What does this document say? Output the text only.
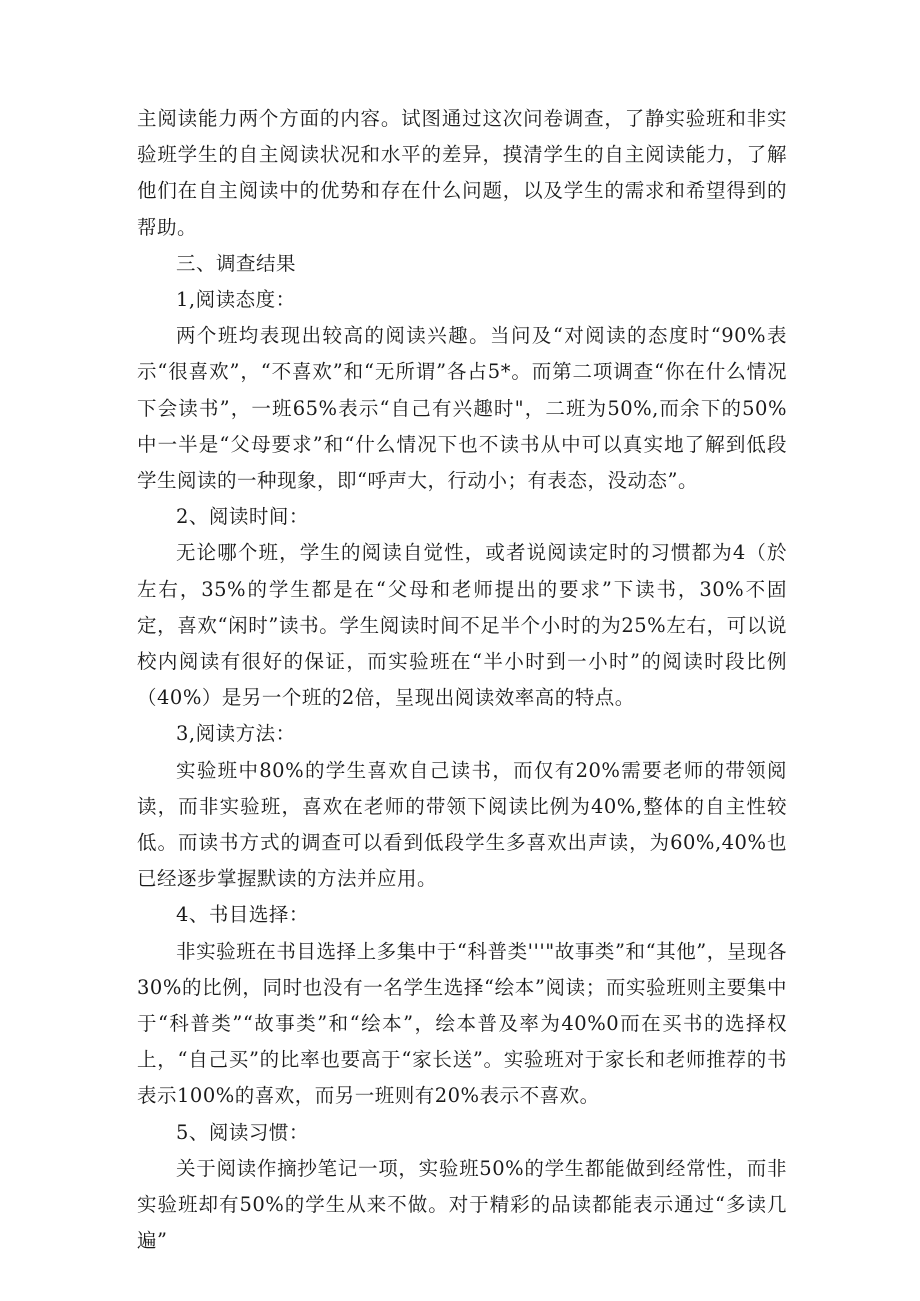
主阅读能力两个方面的内容。试图通过这次问卷调查，了静实验班和非实验班学生的自主阅读状况和水平的差异，摸清学生的自主阅读能力，了解他们在自主阅读中的优势和存在什么问题，以及学生的需求和希望得到的帮助。

三、调查结果

1,阅读态度：

两个班均表现出较高的阅读兴趣。当问及“对阅读的态度时“90%表示“很喜欢”，“不喜欢”和“无所谓”各占5*。而第二项调查“你在什么情况下会读书”，一班65%表示“自己有兴趣时"，二班为50%,而余下的50%中一半是“父母要求”和“什么情况下也不读书从中可以真实地了解到低段学生阅读的一种现象，即“呼声大，行动小；有表态，没动态”。

2、阅读时间：

无论哪个班，学生的阅读自觉性，或者说阅读定时的习惯都为4（於左右，35%的学生都是在“父母和老师提出的要求”下读书，30%不固定，喜欢“闲时”读书。学生阅读时间不足半个小时的为25%左右，可以说校内阅读有很好的保证，而实验班在“半小时到一小时”的阅读时段比例（40%）是另一个班的2倍，呈现出阅读效率高的特点。

3,阅读方法：

实验班中80%的学生喜欢自己读书，而仅有20%需要老师的带领阅读，而非实验班，喜欢在老师的带领下阅读比例为40%,整体的自主性较低。而读书方式的调查可以看到低段学生多喜欢出声读，为60%,40%也已经逐步掌握默读的方法并应用。

4、书目选择：

非实验班在书目选择上多集中于“科普类'''"故事类”和“其他”，呈现各30%的比例，同时也没有一名学生选择“绘本”阅读；而实验班则主要集中于“科普类”“故事类”和“绘本”，绘本普及率为40%0而在买书的选择权上，“自己买”的比率也要高于“家长送”。实验班对于家长和老师推荐的书表示100%的喜欢，而另一班则有20%表示不喜欢。

5、阅读习惯：

关于阅读作摘抄笔记一项，实验班50%的学生都能做到经常性，而非实验班却有50%的学生从来不做。对于精彩的品读都能表示通过“多读几遍”
